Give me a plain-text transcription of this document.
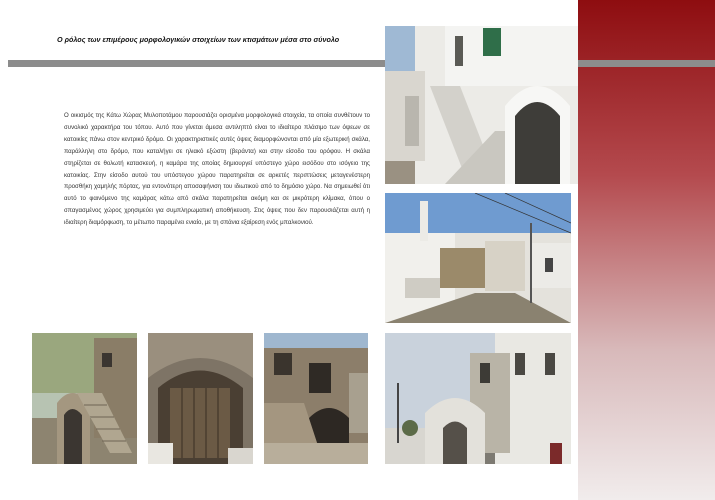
Ο ρόλος των επιμέρους μορφολογικών στοιχείων των κτισμάτων μέσα στο σύνολο
Ο οικισμός της Κάτω Χώρας Μυλοποτάμου παρουσιάζει ορισμένα μορφολογικά στοιχεία, τα οποία συνθέτουν το συνολικό χαρακτήρα του τόπου. Αυτό που γίνεται άμεσα αντιληπτό είναι το ιδιαίτερο πλάσιμο των όψεων σε κατοικίες πάνω στον κεντρικό δρόμο. Οι χαρακτηριστικές αυτές όψεις διαμορφώνονται από μία εξωτερική σκάλα, παράλληλη στο δρόμο, που καταλήγει σε ηλιακό εξώστη (βεράντα) και στην είσοδο του ορόφου. Η σκάλα στηρίζεται σε θολωτή κατασκευή, η καμάρα της οποίας δημιουργεί υπόστεγο χώρο εισόδου στο ισόγειο της κατοικίας. Στην είσοδο αυτού του υπόστεγου χώρου παρατηρείται σε αρκετές περιπτώσεις μεταγενέστερη προσθήκη χαμηλής πόρτας, για εντονότερη αποσαφήνιση του ιδιωτικού από το δημόσιο χώρο. Να σημειωθεί ότι αυτό το φαινόμενο της καμάρας κάτω από σκάλα παρατηρείται ακόμη και σε μικρότερη κλίμακα, όπου ο σπαγασμένος χώρος χρησιμεύει για συμπληρωματική αποθήκευση. Στις όψεις που δεν παρουσιάζεται αυτή η ιδιαίτερη διαμόρφωση, το μέτωπο παραμένει ενιαίο, με τη σπάνια εξαίρεση ενός μπαλκονιού.
